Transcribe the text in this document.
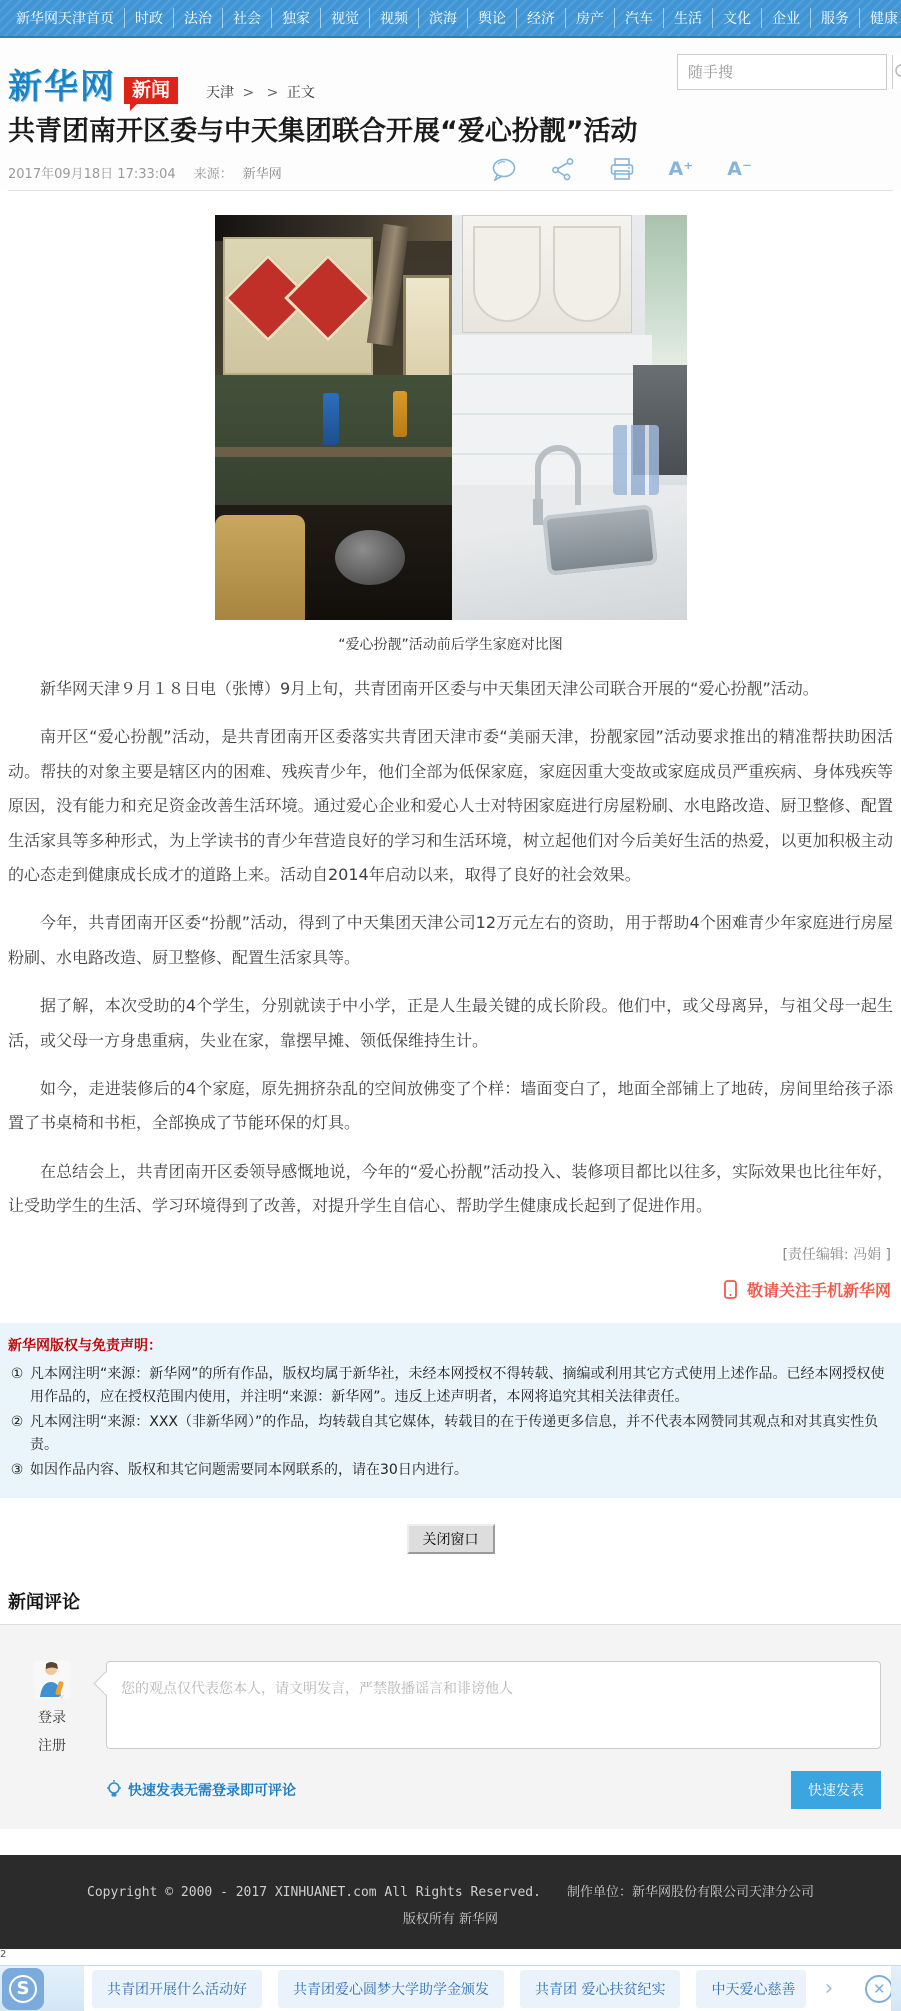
新华网天津首页	时政	法治	社会	独家	视觉	视频	滨海	舆论	经济	房产	汽车	生活	文化	企业	服务	健康
新华网 新闻	天津 > > 正文
随手搜
共青团南开区委与中天集团联合开展“爱心扮靓”活动
2017年09月18日 17:33:04 来源： 新华网	A⁺ A⁻
“爱心扮靓”活动前后学生家庭对比图

新华网天津９月１８日电（张博）9月上旬，共青团南开区委与中天集团天津公司联合开展的“爱心扮靓”活动。

南开区“爱心扮靓”活动，是共青团南开区委落实共青团天津市委“美丽天津，扮靓家园”活动要求推出的精准帮扶助困活动。帮扶的对象主要是辖区内的困难、残疾青少年，他们全部为低保家庭，家庭因重大变故或家庭成员严重疾病、身体残疾等原因，没有能力和充足资金改善生活环境。通过爱心企业和爱心人士对特困家庭进行房屋粉刷、水电路改造、厨卫整修、配置生活家具等多种形式，为上学读书的青少年营造良好的学习和生活环境，树立起他们对今后美好生活的热爱，以更加积极主动的心态走到健康成长成才的道路上来。活动自2014年启动以来，取得了良好的社会效果。

今年，共青团南开区委“扮靓”活动，得到了中天集团天津公司12万元左右的资助，用于帮助4个困难青少年家庭进行房屋粉刷、水电路改造、厨卫整修、配置生活家具等。

据了解，本次受助的4个学生，分别就读于中小学，正是人生最关键的成长阶段。他们中，或父母离异，与祖父母一起生活，或父母一方身患重病，失业在家，靠摆早摊、领低保维持生计。

如今，走进装修后的4个家庭，原先拥挤杂乱的空间放佛变了个样：墙面变白了，地面全部铺上了地砖，房间里给孩子添置了书桌椅和书柜，全部换成了节能环保的灯具。

在总结会上，共青团南开区委领导感慨地说，今年的“爱心扮靓”活动投入、装修项目都比以往多，实际效果也比往年好，让受助学生的生活、学习环境得到了改善，对提升学生自信心、帮助学生健康成长起到了促进作用。

[责任编辑: 冯娟 ]
敬请关注手机新华网
新华网版权与免责声明：
① 凡本网注明“来源：新华网”的所有作品，版权均属于新华社，未经本网授权不得转载、摘编或利用其它方式使用上述作品。已经本网授权使用作品的，应在授权范围内使用，并注明“来源：新华网”。违反上述声明者，本网将追究其相关法律责任。
② 凡本网注明“来源：XXX（非新华网）”的作品，均转载自其它媒体，转载目的在于传递更多信息，并不代表本网赞同其观点和对其真实性负责。
③ 如因作品内容、版权和其它问题需要同本网联系的，请在30日内进行。
关闭窗口
新闻评论
登录
注册
您的观点仅代表您本人，请文明发言，严禁散播谣言和诽谤他人
快速发表无需登录即可评论	快速发表
Copyright © 2000 - 2017 XINHUANET.com All Rights Reserved. 制作单位：新华网股份有限公司天津分公司
版权所有 新华网
2
S	共青团开展什么活动好	共青团爱心圆梦大学助学金颁发	共青团 爱心扶贫纪实	中天爱心慈善	›	✕
